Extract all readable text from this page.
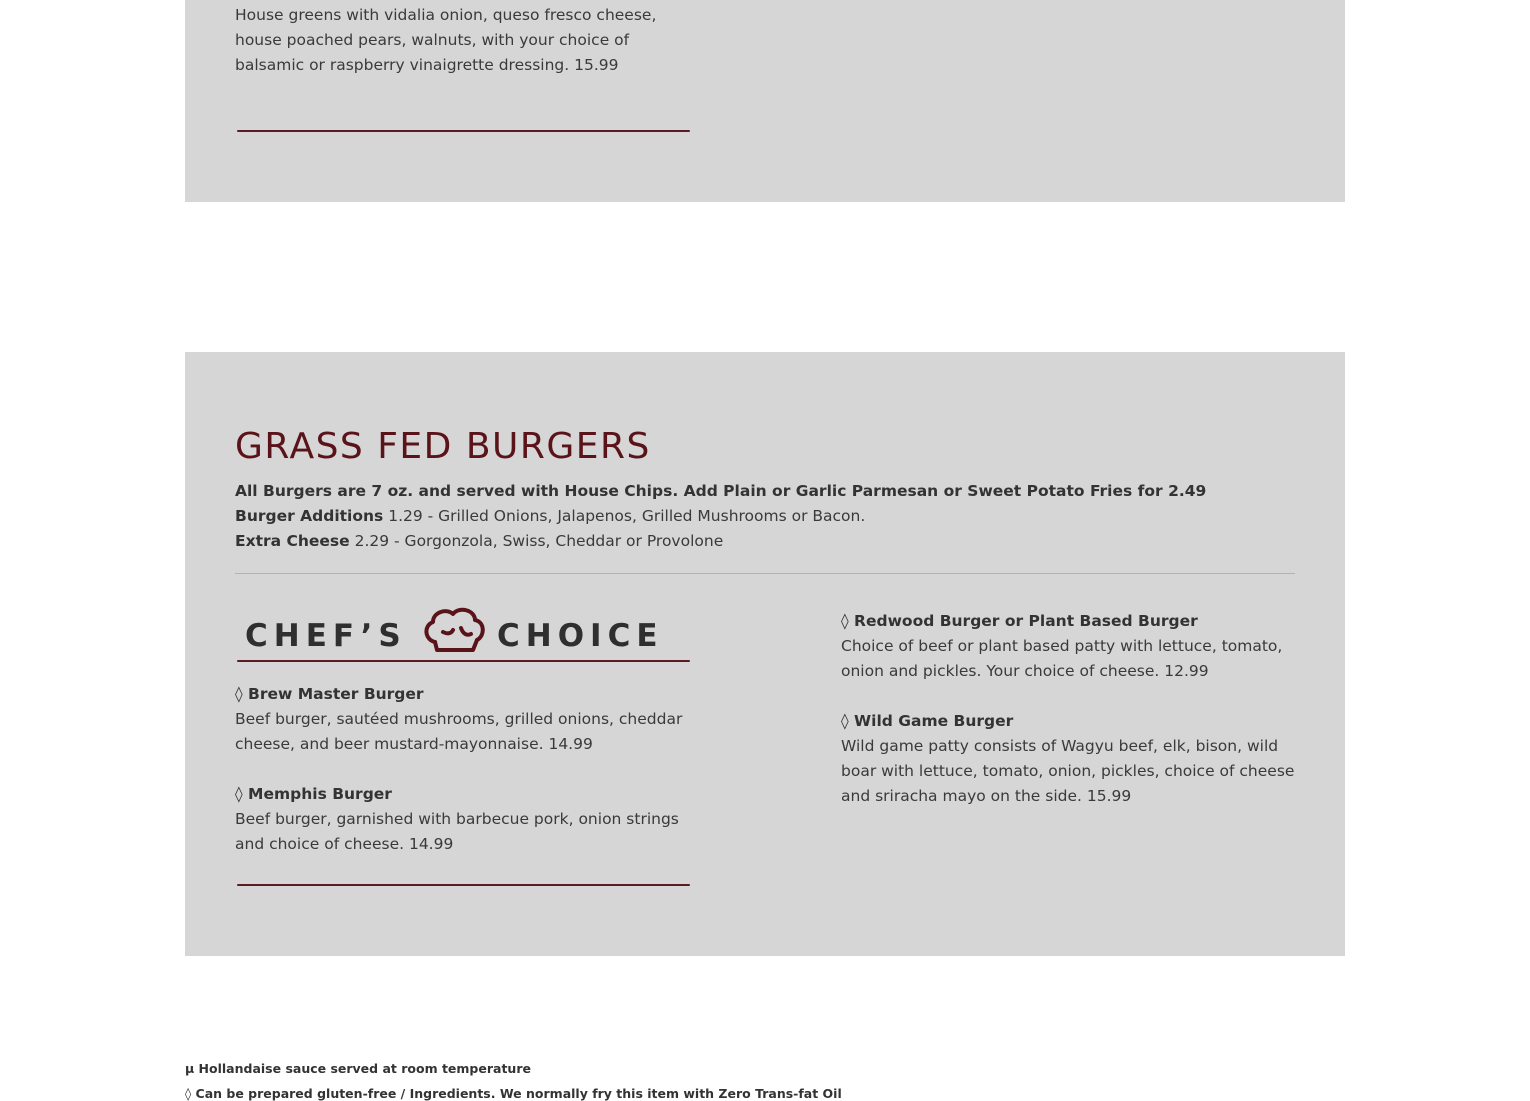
House greens with vidalia onion, queso fresco cheese, house poached pears, walnuts, with your choice of balsamic or raspberry vinaigrette dressing. 15.99

GRASS FED BURGERS
All Burgers are 7 oz. and served with House Chips. Add Plain or Garlic Parmesan or Sweet Potato Fries for 2.49
Burger Additions 1.29 - Grilled Onions, Jalapenos, Grilled Mushrooms or Bacon.
Extra Cheese 2.29 - Gorgonzola, Swiss, Cheddar or Provolone
CHEF’S	CHOICE

◊ Brew Master Burger

Beef burger, sautéed mushrooms, grilled onions, cheddar cheese, and beer mustard-mayonnaise. 14.99

◊ Memphis Burger

Beef burger, garnished with barbecue pork, onion strings and choice of cheese. 14.99

◊ Redwood Burger or Plant Based Burger

Choice of beef or plant based patty with lettuce, tomato, onion and pickles. Your choice of cheese. 12.99

◊ Wild Game Burger

Wild game patty consists of Wagyu beef, elk, bison, wild boar with lettuce, tomato, onion, pickles, choice of cheese and sriracha mayo on the side. 15.99

µ Hollandaise sauce served at room temperature
◊ Can be prepared gluten-free / Ingredients. We normally fry this item with Zero Trans-fat Oil
